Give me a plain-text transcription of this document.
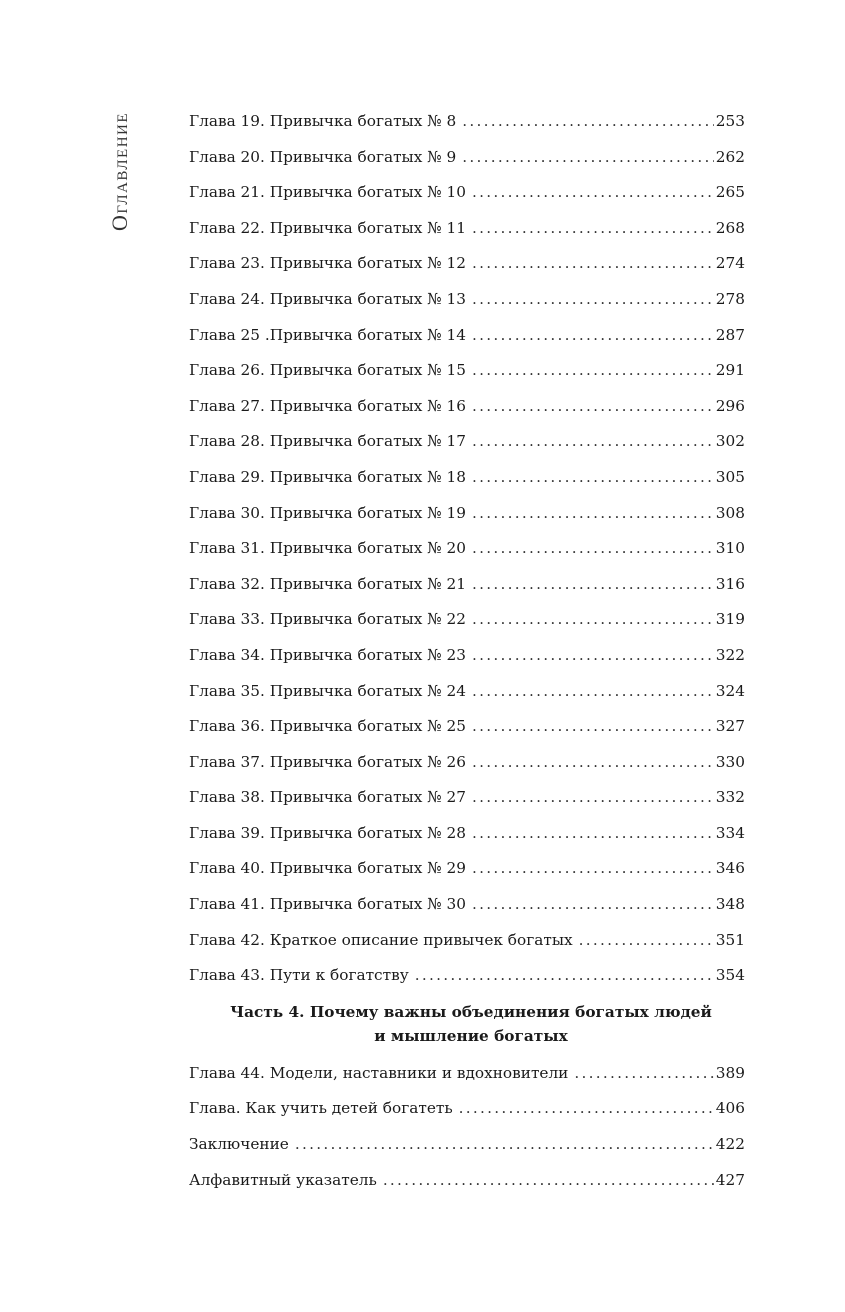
Оглавление	Глава 19. Привычка богатых № 8 . . .	253
Глава 20. Привычка богатых № 9 . . .	262
Глава 21. Привычка богатых № 10 . . .	265
Глава 22. Привычка богатых № 11 . . .	268
Глава 23. Привычка богатых № 12 . . .	274
Глава 24. Привычка богатых № 13 . . .	278
Глава 25 .Привычка богатых № 14 . . .	287
Глава 26. Привычка богатых № 15 . . .	291
Глава 27. Привычка богатых № 16 . . .	296
Глава 28. Привычка богатых № 17 . . .	302
Глава 29. Привычка богатых № 18 . . .	305
Глава 30. Привычка богатых № 19 . . .	308
Глава 31. Привычка богатых № 20 . . .	310
Глава 32. Привычка богатых № 21 . . .	316
Глава 33. Привычка богатых № 22 . . .	319
Глава 34. Привычка богатых № 23 . . .	322
Глава 35. Привычка богатых № 24 . . .	324
Глава 36. Привычка богатых № 25 . . .	327
Глава 37. Привычка богатых № 26 . . .	330
Глава 38. Привычка богатых № 27 . . .	332
Глава 39. Привычка богатых № 28 . . .	334
Глава 40. Привычка богатых № 29 . . .	346
Глава 41. Привычка богатых № 30 . . .	348
Глава 42. Краткое описание привычек богатых . . .	351
Глава 43. Пути к богатству . . .	354
Часть 4. Почему важны объединения богатых людей
и мышление богатых
Глава 44. Модели, наставники и вдохновители . . .	389
Глава. Как учить детей богатеть . . .	406
Заключение . . .	422
Алфавитный указатель . . .	427
